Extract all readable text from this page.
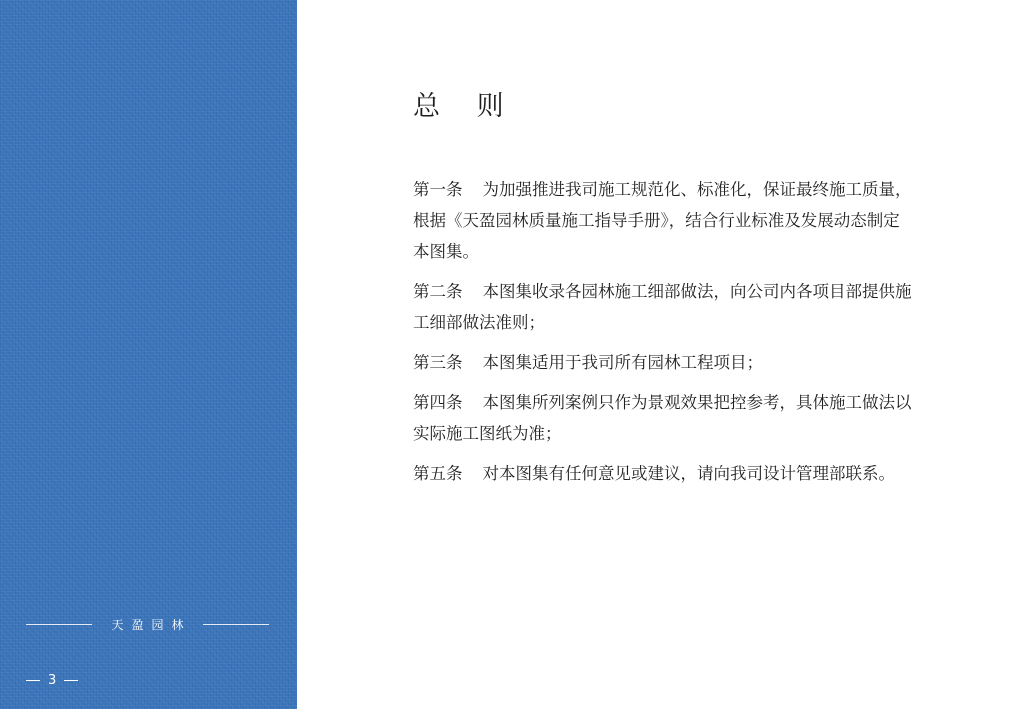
天盈园林
3
总 则
第一条 为加强推进我司施工规范化、标准化，保证最终施工质量，根据《天盈园林质量施工指导手册》，结合行业标准及发展动态制定本图集。
第二条 本图集收录各园林施工细部做法，向公司内各项目部提供施工细部做法准则；
第三条 本图集适用于我司所有园林工程项目；
第四条 本图集所列案例只作为景观效果把控参考，具体施工做法以实际施工图纸为准；
第五条 对本图集有任何意见或建议，请向我司设计管理部联系。
